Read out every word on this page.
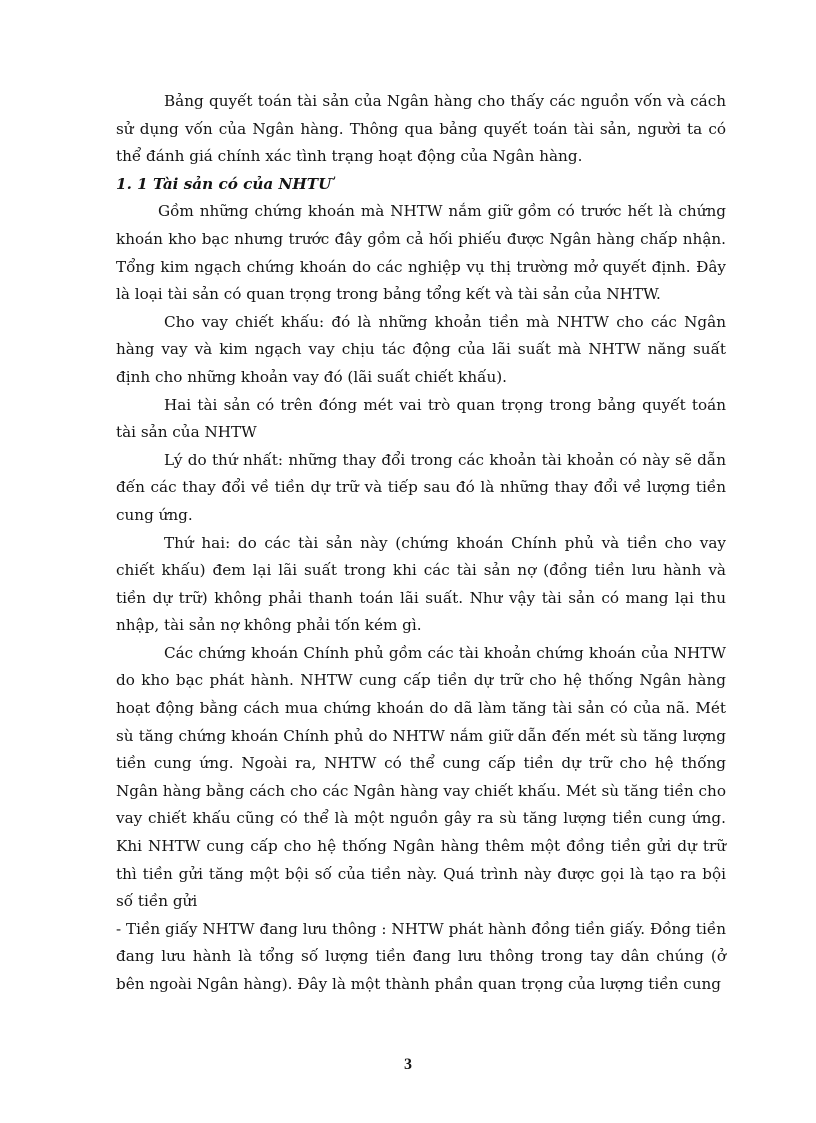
Bảng quyết toán tài sản của Ngân hàng cho thấy các nguồn vốn và cách sử dụng vốn của Ngân hàng. Thông qua bảng quyết toán tài sản, người ta có thể đánh giá chính xác tình trạng hoạt động của Ngân hàng.

1. 1 Tài sản có của NHTƯ

Gồm những chứng khoán mà NHTW nắm giữ gồm có trước hết là chứng khoán kho bạc nhưng trước đây gồm cả hối phiếu được Ngân hàng chấp nhận. Tổng kim ngạch chứng khoán do các nghiệp vụ thị trường mở quyết định. Đây là loại tài sản có quan trọng trong bảng tổng kết và tài sản của NHTW.

Cho vay chiết khấu: đó là những khoản tiền mà NHTW cho các Ngân hàng vay và kim ngạch vay chịu tác động của lãi suất mà NHTW năng suất định cho những khoản vay đó (lãi suất chiết khấu).

Hai tài sản có trên đóng mét vai trò quan trọng trong bảng quyết toán tài sản của NHTW

Lý do thứ nhất: những thay đổi trong các khoản tài khoản có này sẽ dẫn đến các thay đổi về tiền dự trữ và tiếp sau đó là những thay đổi về lượng tiền cung ứng.

Thứ hai: do các tài sản này (chứng khoán Chính phủ và tiền cho vay chiết khấu) đem lại lãi suất trong khi các tài sản nợ (đồng tiền lưu hành và tiền dự trữ) không phải thanh toán lãi suất. Như vậy tài sản có mang lại thu nhập, tài sản nợ không phải tốn kém gì.

Các chứng khoán Chính phủ gồm các tài khoản chứng khoán của NHTW do kho bạc phát hành. NHTW cung cấp tiền dự trữ cho hệ thống Ngân hàng hoạt động bằng cách mua chứng khoán do dã làm tăng tài sản có của nã. Mét sù tăng chứng khoán Chính phủ do NHTW nắm giữ dẫn đến mét sù tăng lượng tiền cung ứng. Ngoài ra, NHTW có thể cung cấp tiền dự trữ cho hệ thống Ngân hàng bằng cách cho các Ngân hàng vay chiết khấu. Mét sù tăng tiền cho vay chiết khấu cũng có thể là một nguồn gây ra sù tăng lượng tiền cung ứng. Khi NHTW cung cấp cho hệ thống Ngân hàng thêm một đồng tiền gửi dự trữ thì tiền gửi tăng một bội số của tiền này. Quá trình này được gọi là tạo ra bội số tiền gửi

- Tiền giấy NHTW đang lưu thông : NHTW phát hành đồng tiền giấy. Đồng tiền đang lưu hành là tổng số lượng tiền đang lưu thông trong tay dân chúng (ở bên ngoài Ngân hàng). Đây là một thành phần quan trọng của lượng tiền cung

3
